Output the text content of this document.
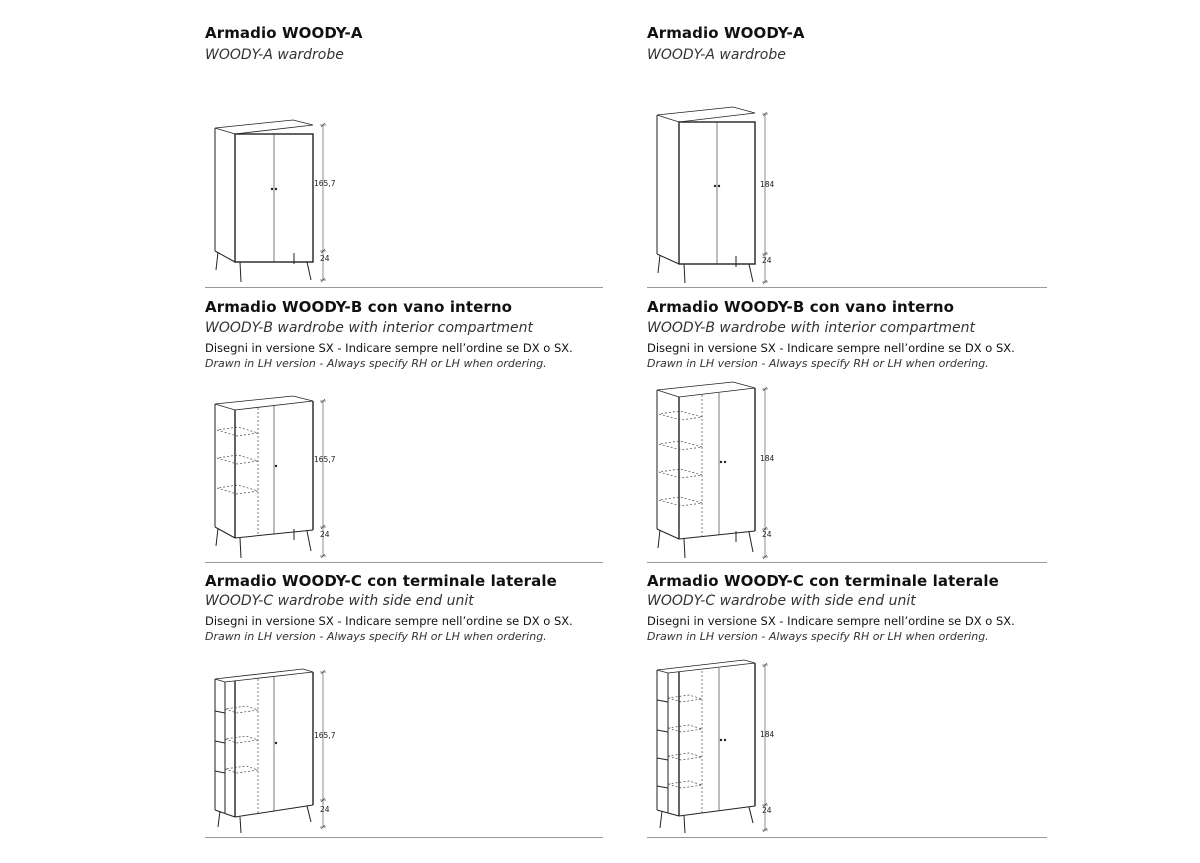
Armadio WOODY-A
WOODY-A wardrobe
165,7
24
Armadio WOODY-A
WOODY-A wardrobe
184
24
Armadio WOODY-B con vano interno
WOODY-B wardrobe with interior compartment
Disegni in versione SX - Indicare sempre nell’ordine se DX o SX.
Drawn in LH version - Always specify RH or LH when ordering.
165,7
24
Armadio WOODY-B con vano interno
WOODY-B wardrobe with interior compartment
Disegni in versione SX - Indicare sempre nell’ordine se DX o SX.
Drawn in LH version - Always specify RH or LH when ordering.
184
24
Armadio WOODY-C con terminale laterale
WOODY-C wardrobe with side end unit
Disegni in versione SX - Indicare sempre nell’ordine se DX o SX.
Drawn in LH version - Always specify RH or LH when ordering.
165,7
24
Armadio WOODY-C con terminale laterale
WOODY-C wardrobe with side end unit
Disegni in versione SX - Indicare sempre nell’ordine se DX o SX.
Drawn in LH version - Always specify RH or LH when ordering.
184
24
